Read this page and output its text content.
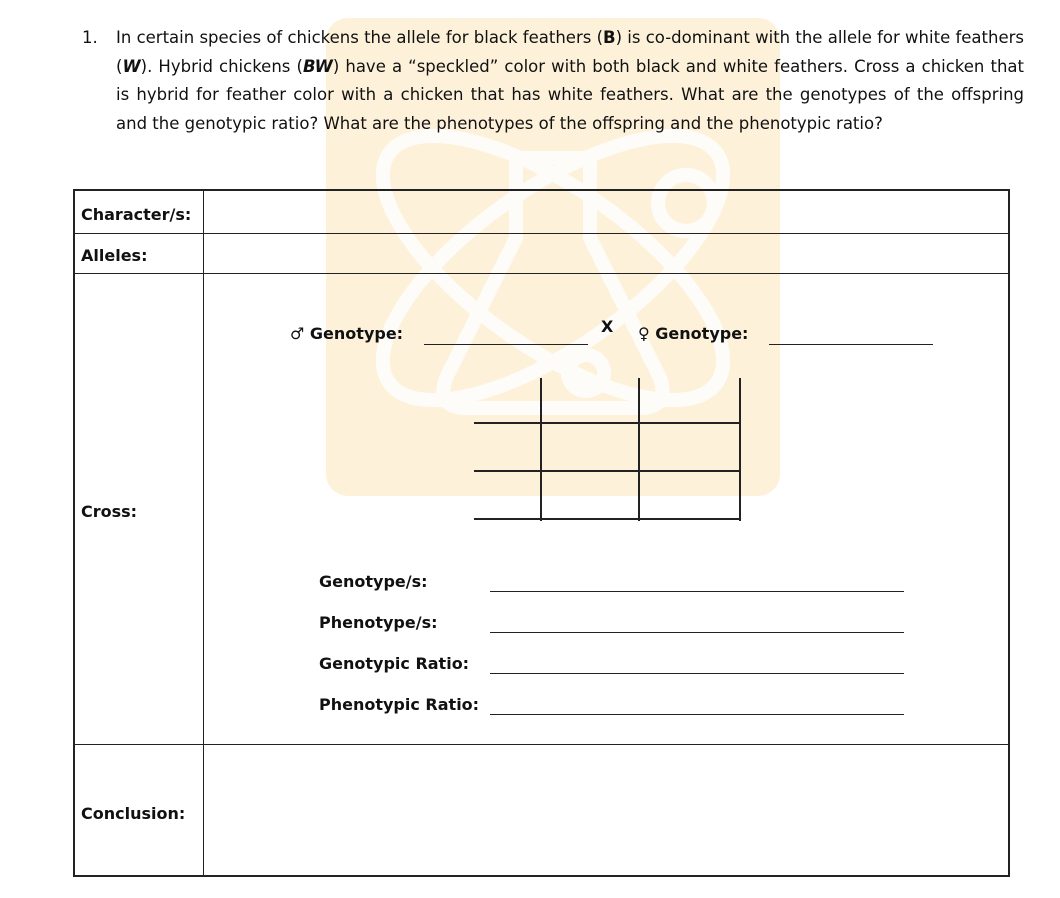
1. In certain species of chickens the allele for black feathers (B) is co-dominant with the allele for white feathers (W). Hybrid chickens (BW) have a “speckled” color with both black and white feathers. Cross a chicken that is hybrid for feather color with a chicken that has white feathers. What are the genotypes of the offspring and the genotypic ratio? What are the phenotypes of the offspring and the phenotypic ratio?
Character/s:
Alleles:
Cross:
Conclusion:
♂ Genotype:	X ♀ Genotype:
Genotype/s:
Phenotype/s:
Genotypic Ratio:
Phenotypic Ratio:
